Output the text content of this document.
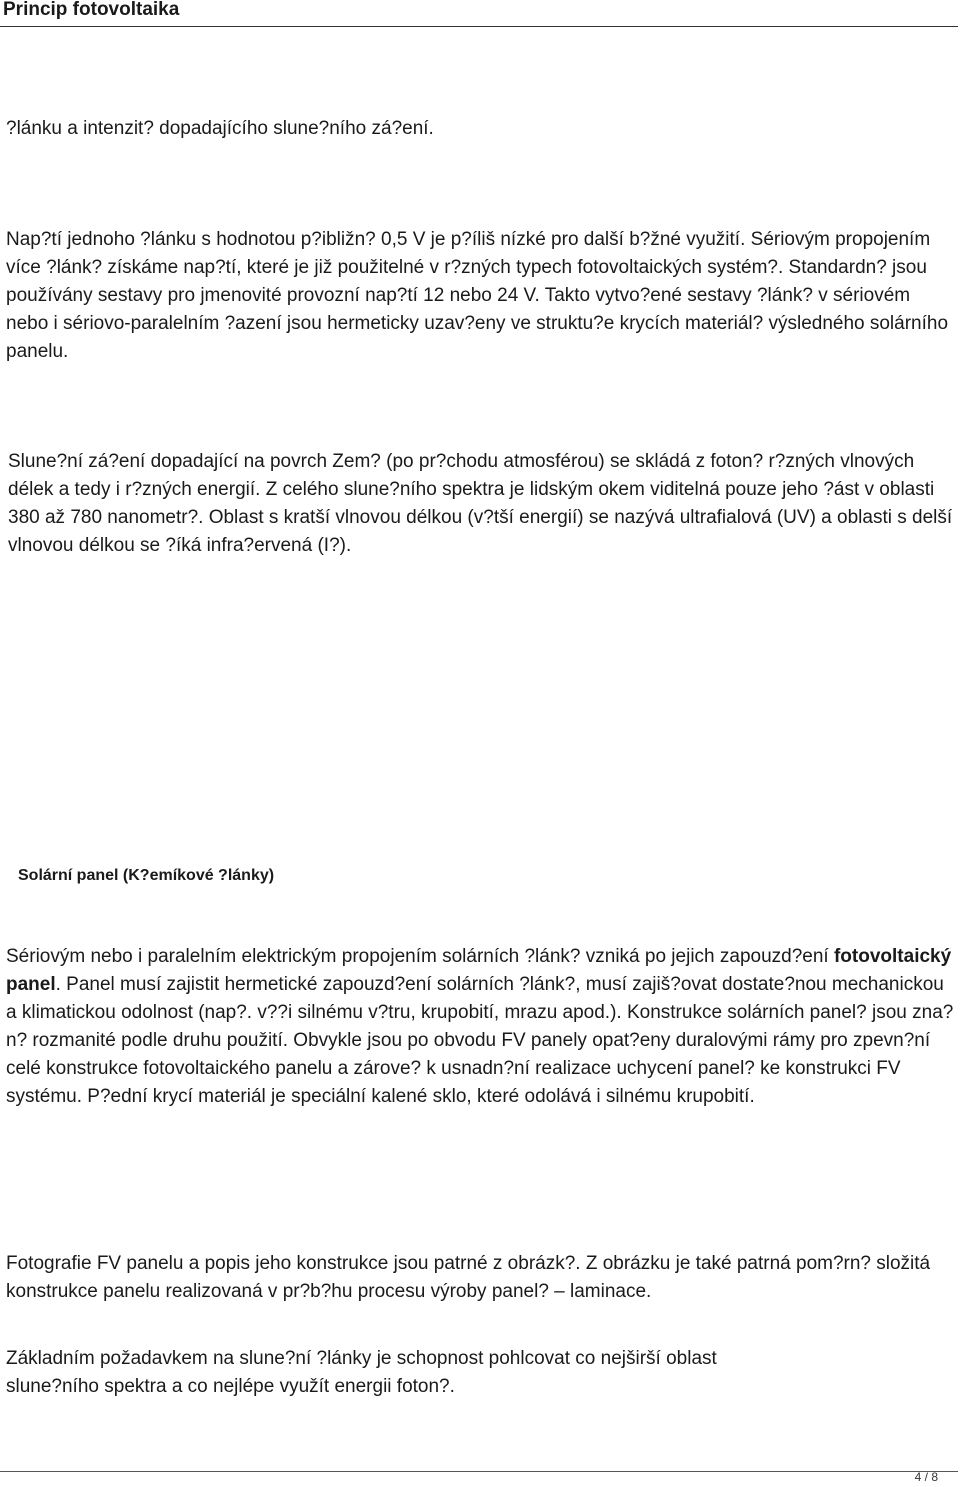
Princip fotovoltaika

?lánku a intenzit? dopadajícího slune?ního zá?ení.

Nap?tí jednoho ?lánku s hodnotou p?ibližn? 0,5 V je p?íliš nízké pro další b?žné využití. Sériovým propojením více ?lánk? získáme nap?tí, které je již použitelné v r?zných typech fotovoltaických systém?. Standardn? jsou používány sestavy pro jmenovité provozní nap?tí 12 nebo 24 V. Takto vytvo?ené sestavy ?lánk? v sériovém nebo i sériovo-paralelním ?azení jsou hermeticky uzav?eny ve struktu?e krycích materiál? výsledného solárního panelu.

Slune?ní zá?ení dopadající na povrch Zem? (po pr?chodu atmosférou) se skládá z foton? r?zných vlnových délek a tedy i r?zných energií. Z celého slune?ního spektra je lidským okem viditelná pouze jeho ?ást v oblasti 380 až 780 nanometr?. Oblast s kratší vlnovou délkou (v?tší energií) se nazývá ultrafialová (UV) a oblasti s delší vlnovou délkou se ?íká infra?ervená (I?).

Základním požadavkem na slune?ní ?lánky je schopnost pohlcovat co nejširší oblast

slune?ního spektra a co nejlépe využít energii foton?.

Solární panel (K?emíkové ?lánky)

Sériovým nebo i paralelním elektrickým propojením solárních ?lánk? vzniká po jejich zapouzd?ení fotovoltaický panel. Panel musí zajistit hermetické zapouzd?ení solárních ?lánk?, musí zajiš?ovat dostate?nou mechanickou a klimatickou odolnost (nap?. v??i silnému v?tru, krupobití, mrazu apod.). Konstrukce solárních panel? jsou zna?n? rozmanité podle druhu použití. Obvykle jsou po obvodu FV panely opat?eny duralovými rámy pro zpevn?ní celé konstrukce fotovoltaického panelu a zárove? k usnadn?ní realizace uchycení panel? ke konstrukci FV systému. P?ední krycí materiál je speciální kalené sklo, které odolává i silnému krupobití.

Fotografie FV panelu a popis jeho konstrukce jsou patrné z obrázk?. Z obrázku je také patrná pom?rn? složitá konstrukce panelu realizovaná v pr?b?hu procesu výroby panel? – laminace.

4 / 8
